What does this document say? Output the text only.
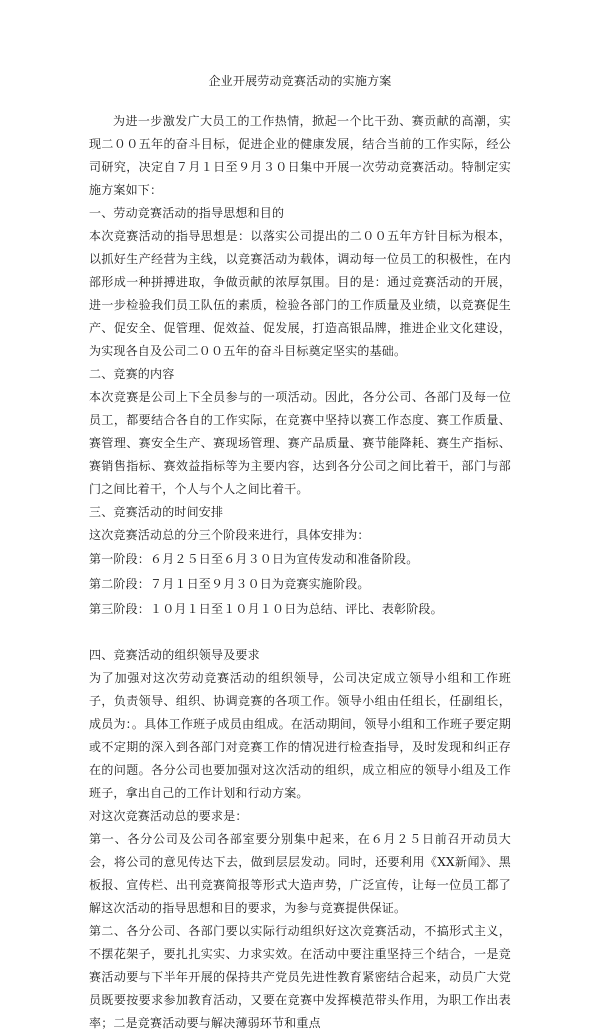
企业开展劳动竞赛活动的实施方案

为进一步激发广大员工的工作热情，掀起一个比干劲、赛贡献的高潮，实现二００五年的奋斗目标，促进企业的健康发展，结合当前的工作实际，经公司研究，决定自７月１日至９月３０日集中开展一次劳动竞赛活动。特制定实施方案如下：

一、劳动竞赛活动的指导思想和目的

本次竞赛活动的指导思想是：以落实公司提出的二００五年方针目标为根本，以抓好生产经营为主线，以竞赛活动为载体，调动每一位员工的积极性，在内部形成一种拼搏进取，争做贡献的浓厚氛围。目的是：通过竞赛活动的开展，进一步检验我们员工队伍的素质，检验各部门的工作质量及业绩，以竞赛促生产、促安全、促管理、促效益、促发展，打造高银品牌，推进企业文化建设，为实现各自及公司二００五年的奋斗目标奠定坚实的基础。

二、竞赛的内容

本次竞赛是公司上下全员参与的一项活动。因此，各分公司、各部门及每一位员工，都要结合各自的工作实际，在竞赛中坚持以赛工作态度、赛工作质量、赛管理、赛安全生产、赛现场管理、赛产品质量、赛节能降耗、赛生产指标、赛销售指标、赛效益指标等为主要内容，达到各分公司之间比着干，部门与部门之间比着干，个人与个人之间比着干。

三、竞赛活动的时间安排

这次竞赛活动总的分三个阶段来进行，具体安排为：

第一阶段：６月２５日至６月３０日为宣传发动和准备阶段。

第二阶段：７月１日至９月３０日为竞赛实施阶段。

第三阶段：１０月１日至１０月１０日为总结、评比、表彰阶段。

四、竞赛活动的组织领导及要求

为了加强对这次劳动竞赛活动的组织领导，公司决定成立领导小组和工作班子，负责领导、组织、协调竞赛的各项工作。领导小组由任组长，任副组长，成员为：。具体工作班子成员由组成。在活动期间，领导小组和工作班子要定期或不定期的深入到各部门对竞赛工作的情况进行检查指导，及时发现和纠正存在的问题。各分公司也要加强对这次活动的组织，成立相应的领导小组及工作班子，拿出自己的工作计划和行动方案。

对这次竞赛活动总的要求是：

第一、各分公司及公司各部室要分别集中起来，在６月２５日前召开动员大会，将公司的意见传达下去，做到层层发动。同时，还要利用《XX新闻》、黑板报、宣传栏、出刊竞赛简报等形式大造声势，广泛宣传，让每一位员工都了解这次活动的指导思想和目的要求，为参与竞赛提供保证。

第二、各分公司、各部门要以实际行动组织好这次竞赛活动，不搞形式主义，不摆花架子，要扎扎实实、力求实效。在活动中要注重坚持三个结合，一是竞赛活动要与下半年开展的保持共产党员先进性教育紧密结合起来，动员广大党员既要按要求参加教育活动，又要在竞赛中发挥模范带头作用，为职工作出表率；二是竞赛活动要与解决薄弱环节和重点
